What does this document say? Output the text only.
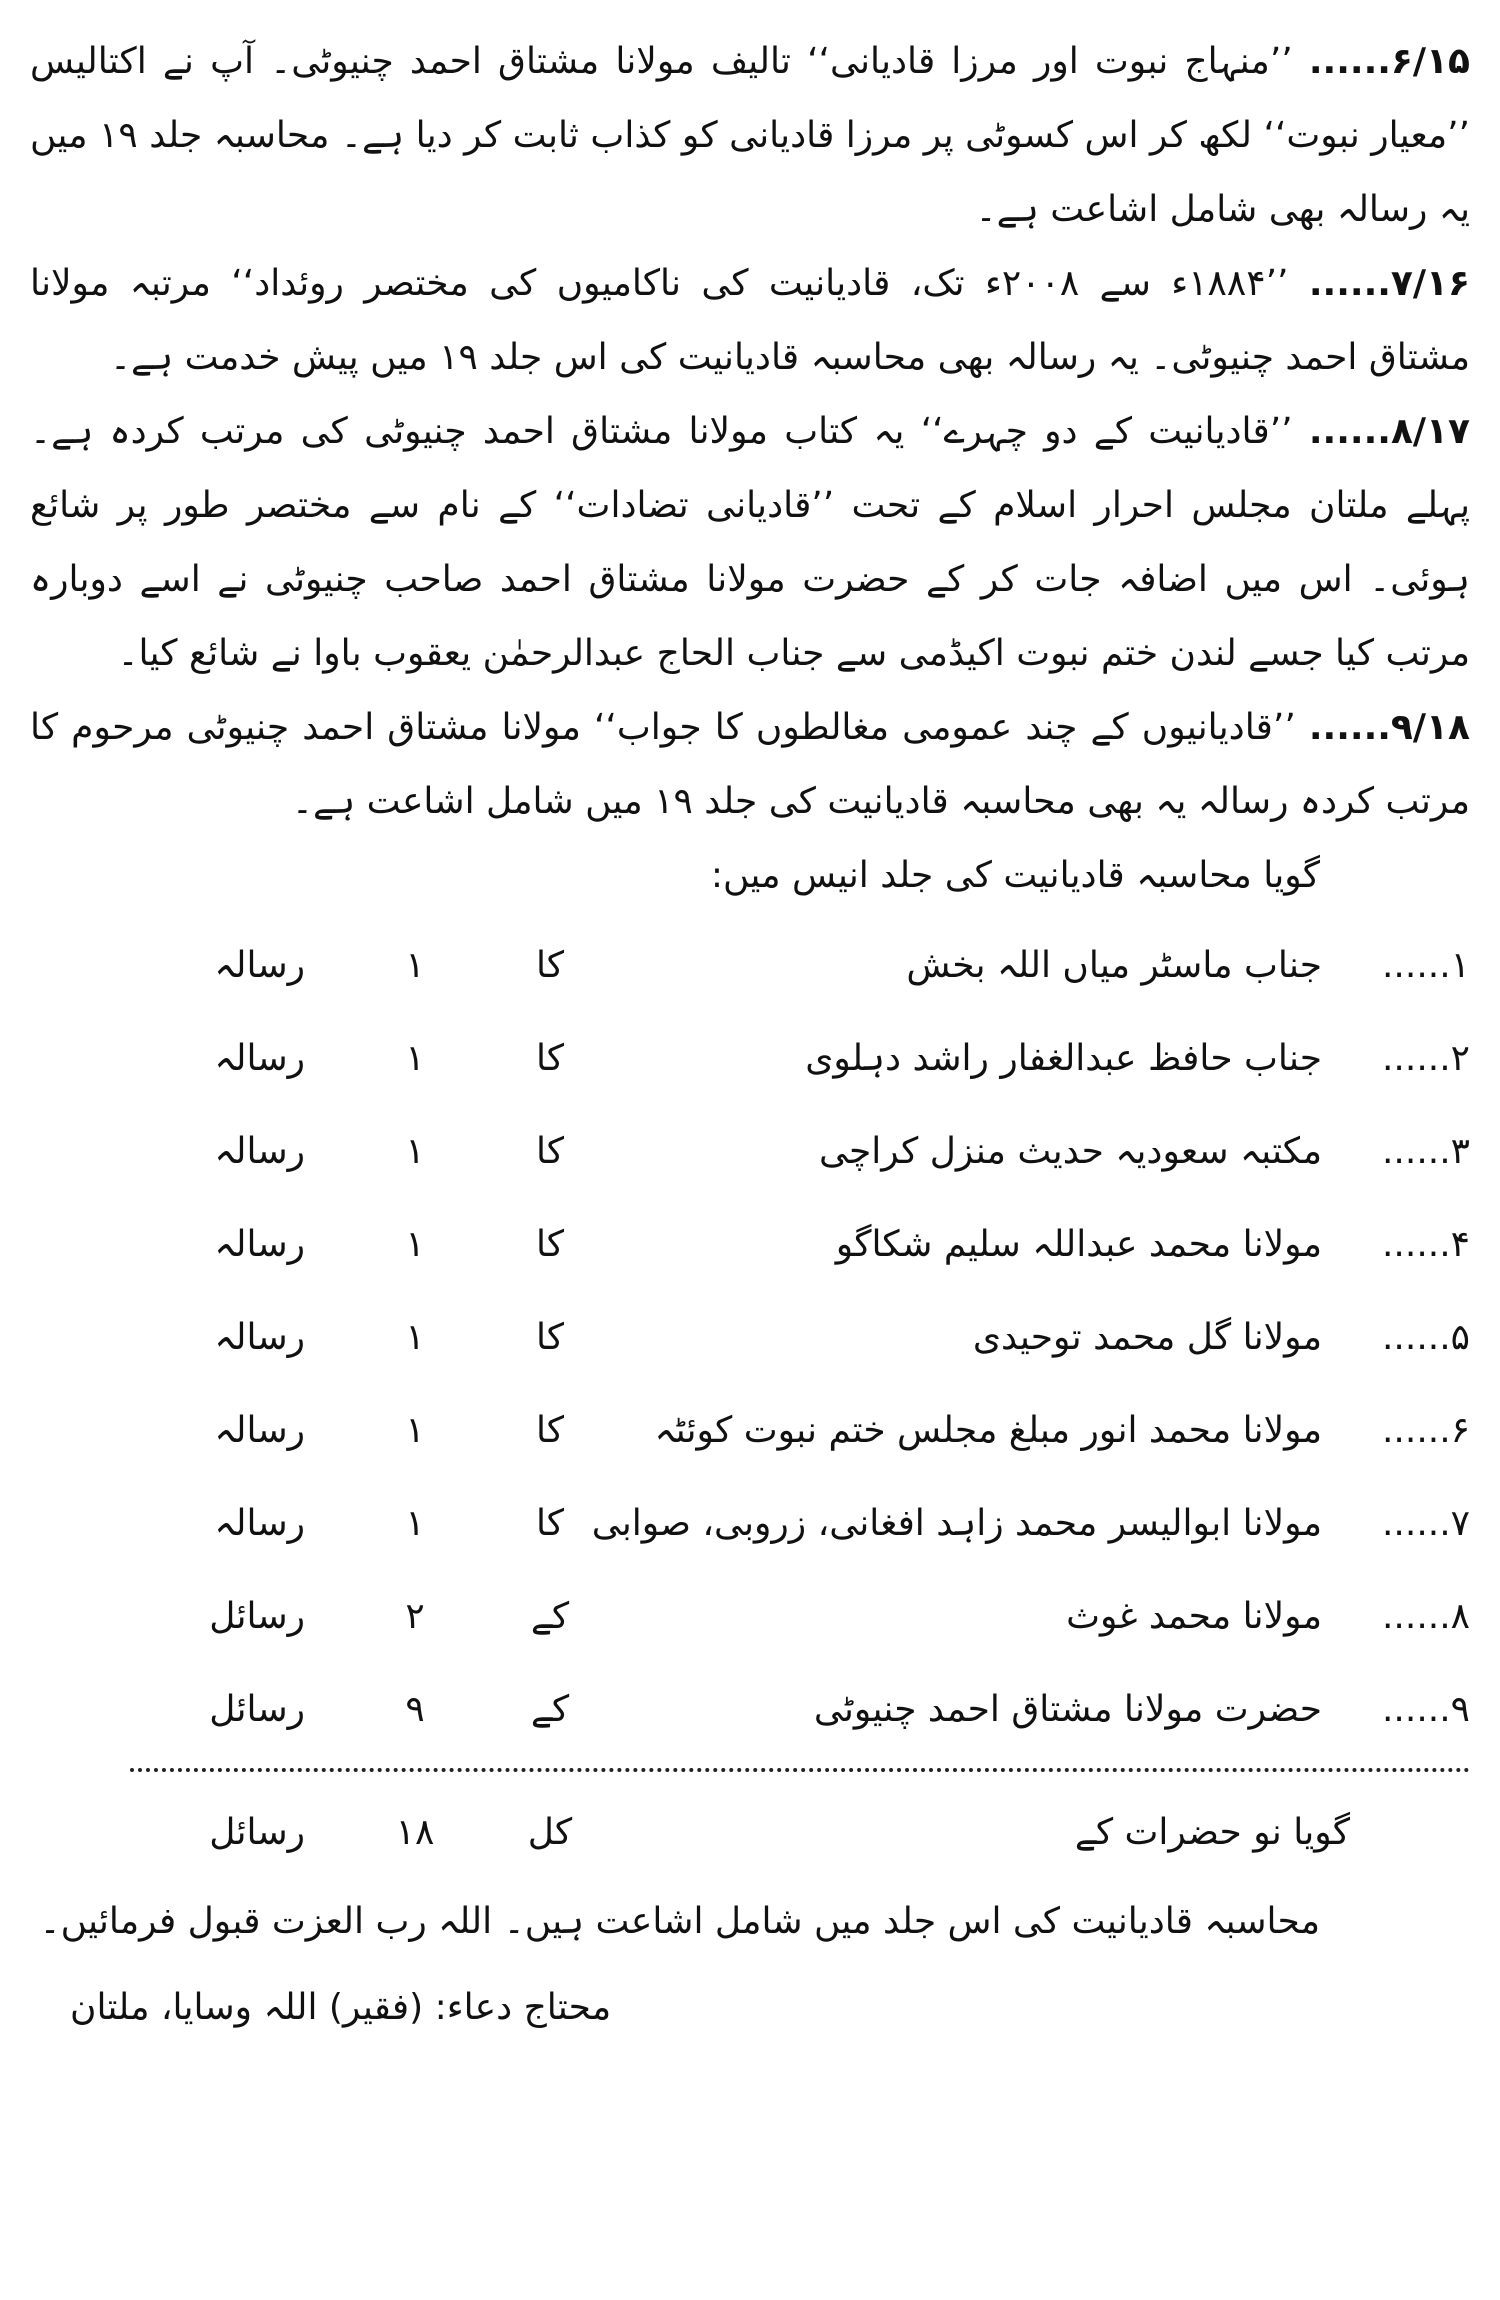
۶/۱۵...... ’’منہاج نبوت اور مرزا قادیانی‘‘ تالیف مولانا مشتاق احمد چنیوٹی۔ آپ نے اکتالیس ’’معیار نبوت‘‘ لکھ کر اس کسوٹی پر مرزا قادیانی کو کذاب ثابت کر دیا ہے۔ محاسبہ جلد ۱۹ میں یہ رسالہ بھی شامل اشاعت ہے۔

۷/۱۶...... ’’۱۸۸۴ء سے ۲۰۰۸ء تک، قادیانیت کی ناکامیوں کی مختصر روئداد‘‘ مرتبہ مولانا مشتاق احمد چنیوٹی۔ یہ رسالہ بھی محاسبہ قادیانیت کی اس جلد ۱۹ میں پیش خدمت ہے۔

۸/۱۷...... ’’قادیانیت کے دو چہرے‘‘ یہ کتاب مولانا مشتاق احمد چنیوٹی کی مرتب کردہ ہے۔ پہلے ملتان مجلس احرار اسلام کے تحت ’’قادیانی تضادات‘‘ کے نام سے مختصر طور پر شائع ہوئی۔ اس میں اضافہ جات کر کے حضرت مولانا مشتاق احمد صاحب چنیوٹی نے اسے دوبارہ مرتب کیا جسے لندن ختم نبوت اکیڈمی سے جناب الحاج عبدالرحمٰن یعقوب باوا نے شائع کیا۔

۹/۱۸...... ’’قادیانیوں کے چند عمومی مغالطوں کا جواب‘‘ مولانا مشتاق احمد چنیوٹی مرحوم کا مرتب کردہ رسالہ یہ بھی محاسبہ قادیانیت کی جلد ۱۹ میں شامل اشاعت ہے۔

گویا محاسبہ قادیانیت کی جلد انیس میں:

۱......
جناب ماسٹر میاں اللہ بخش
کا
۱
رسالہ
۲......
جناب حافظ عبدالغفار راشد دہلوی
کا
۱
رسالہ
۳......
مکتبہ سعودیہ حدیث منزل کراچی
کا
۱
رسالہ
۴......
مولانا محمد عبداللہ سلیم شکاگو
کا
۱
رسالہ
۵......
مولانا گل محمد توحیدی
کا
۱
رسالہ
۶......
مولانا محمد انور مبلغ مجلس ختم نبوت کوئٹہ
کا
۱
رسالہ
۷......
مولانا ابوالیسر محمد زاہد افغانی، زروبی، صوابی
کا
۱
رسالہ
۸......
مولانا محمد غوث
کے
۲
رسائل
۹......
حضرت مولانا مشتاق احمد چنیوٹی
کے
۹
رسائل
گویا نو حضرات کے
کل
۱۸
رسائل

محاسبہ قادیانیت کی اس جلد میں شامل اشاعت ہیں۔ اللہ رب العزت قبول فرمائیں۔

محتاج دعاء: (فقیر) اللہ وسایا، ملتان
